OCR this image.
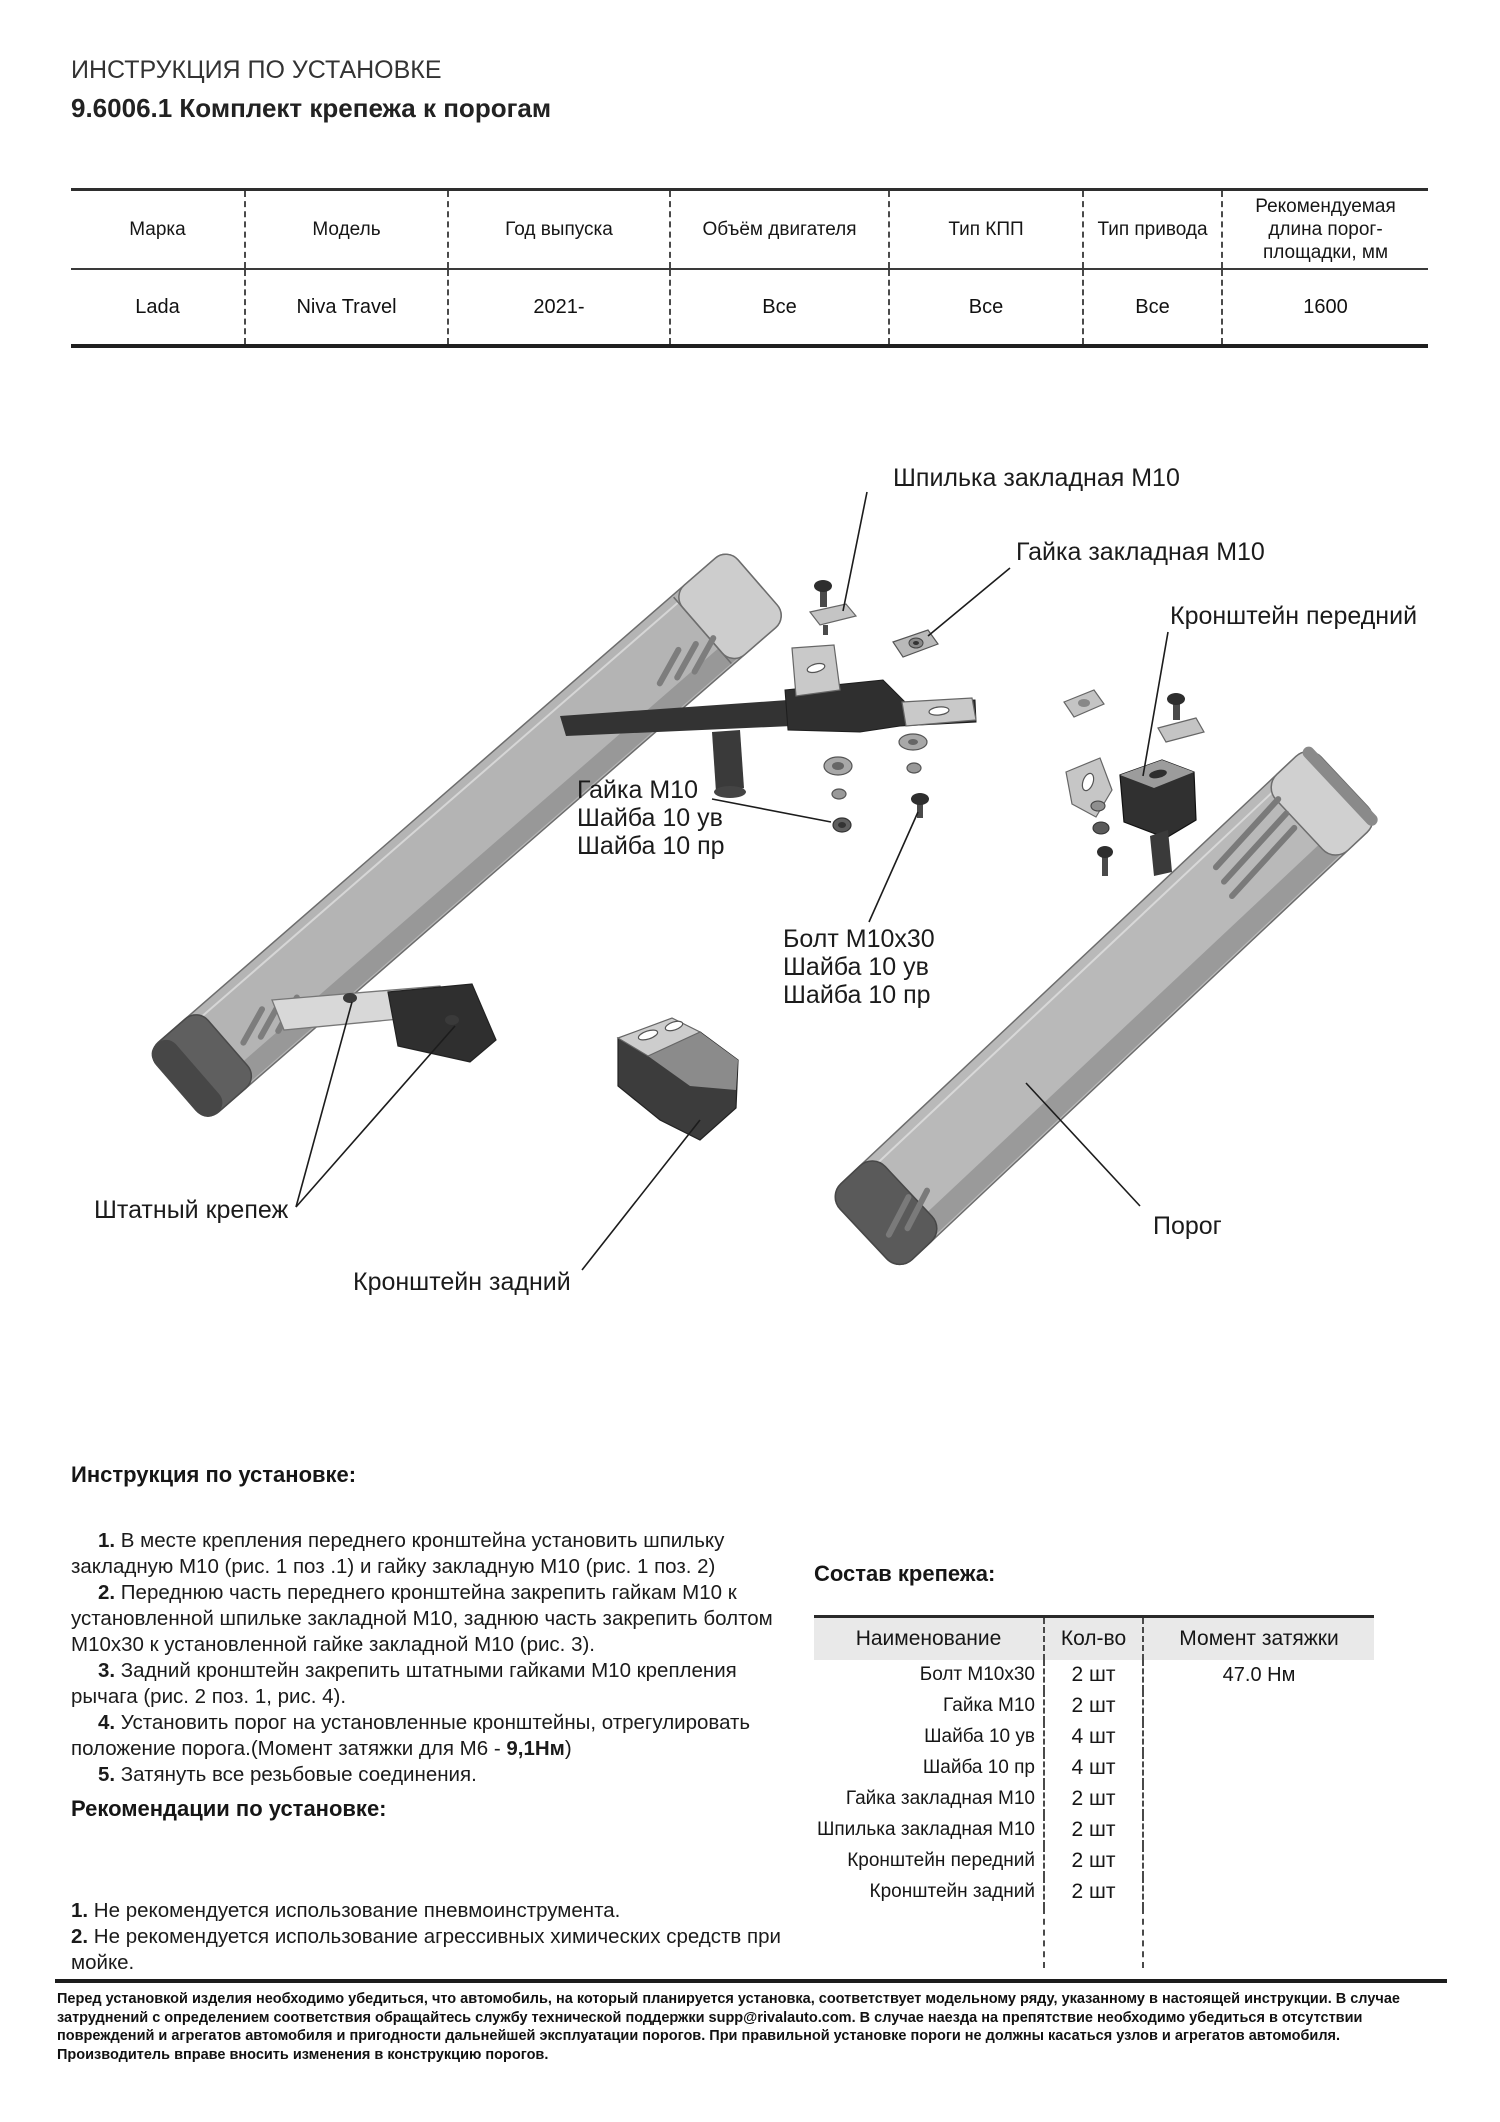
ИНСТРУКЦИЯ ПО УСТАНОВКЕ
9.6006.1 Комплект крепежа к порогам
Марка	Модель	Год выпуска	Объём двигателя	Тип КПП	Тип привода	Рекомендуемая длина порог-площадки, мм
Lada	Niva Travel	2021-	Все	Все	Все	1600
Шпилька закладная М10
Гайка закладная М10
Кронштейн передний
Гайка М10
Шайба 10 ув
Шайба 10 пр
Болт М10х30
Шайба 10 ув
Шайба 10 пр
Штатный крепеж
Кронштейн задний
Порог
Инструкция по установке:

1. В месте крепления переднего кронштейна установить шпильку закладную М10 (рис. 1 поз .1) и гайку закладную М10 (рис. 1 поз. 2)

2. Переднюю часть переднего кронштейна закрепить гайкам М10 к установленной шпильке закладной М10, заднюю часть закрепить болтом М10х30 к установленной гайке закладной М10 (рис. 3).

3. Задний кронштейн закрепить штатными гайками М10 крепления рычага (рис. 2 поз. 1, рис. 4).

4. Установить порог на установленные кронштейны, отрегулировать положение порога.(Момент затяжки для М6 - 9,1Нм)

5. Затянуть все резьбовые соединения.

Рекомендации по установке:

1. Не рекомендуется использование пневмоинструмента.

2. Не рекомендуется использование агрессивных химических средств при мойке.

Состав крепежа:
Наименование	Кол-во	Момент затяжки
Болт М10х30	2 шт	47.0 Нм
Гайка М10	2 шт	
Шайба 10 ув	4 шт	
Шайба 10 пр	4 шт	
Гайка закладная М10	2 шт	
Шпилька закладная М10	2 шт	
Кронштейн передний	2 шт	
Кронштейн задний	2 шт	

Перед установкой изделия необходимо убедиться, что автомобиль, на который планируется установка, соответствует модельному ряду, указанному в настоящей инструкции. В случае затруднений с определением соответствия обращайтесь службу технической поддержки supp@rivalauto.com. В случае наезда на препятствие необходимо убедиться в отсутствии повреждений и агрегатов автомобиля и пригодности дальнейшей эксплуатации порогов. При правильной установке пороги не должны касаться узлов и агрегатов автомобиля. Производитель вправе вносить изменения в конструкцию порогов.
